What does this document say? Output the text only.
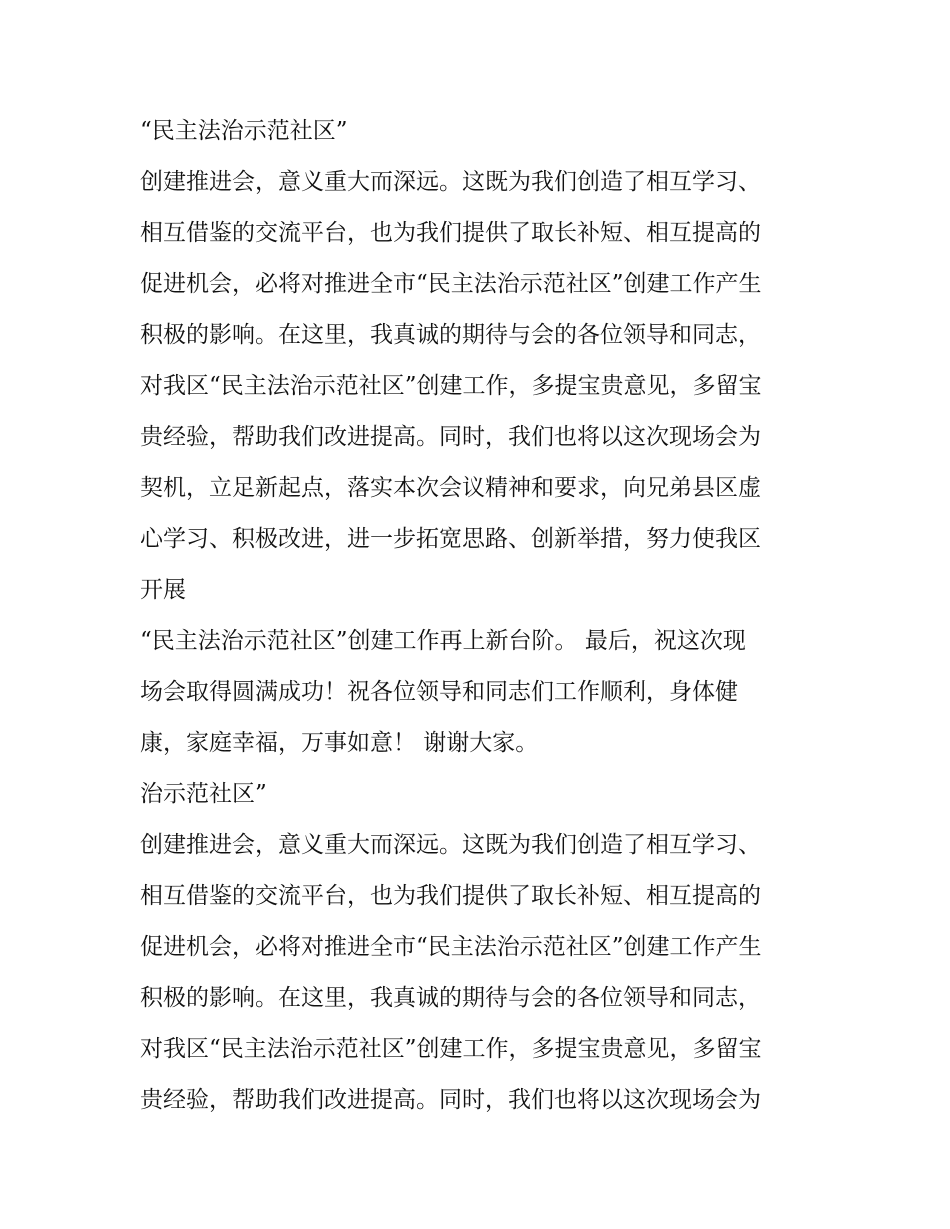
“民主法治示范社区”
创建推进会，意义重大而深远。这既为我们创造了相互学习、
相互借鉴的交流平台，也为我们提供了取长补短、相互提高的
促进机会，必将对推进全市“民主法治示范社区”创建工作产生
积极的影响。在这里，我真诚的期待与会的各位领导和同志，
对我区“民主法治示范社区”创建工作，多提宝贵意见，多留宝
贵经验，帮助我们改进提高。同时，我们也将以这次现场会为
契机，立足新起点，落实本次会议精神和要求，向兄弟县区虚
心学习、积极改进，进一步拓宽思路、创新举措，努力使我区
开展
“民主法治示范社区”创建工作再上新台阶。 最后，祝这次现
场会取得圆满成功！祝各位领导和同志们工作顺利，身体健
康，家庭幸福，万事如意！ 谢谢大家。
治示范社区”
创建推进会，意义重大而深远。这既为我们创造了相互学习、
相互借鉴的交流平台，也为我们提供了取长补短、相互提高的
促进机会，必将对推进全市“民主法治示范社区”创建工作产生
积极的影响。在这里，我真诚的期待与会的各位领导和同志，
对我区“民主法治示范社区”创建工作，多提宝贵意见，多留宝
贵经验，帮助我们改进提高。同时，我们也将以这次现场会为
